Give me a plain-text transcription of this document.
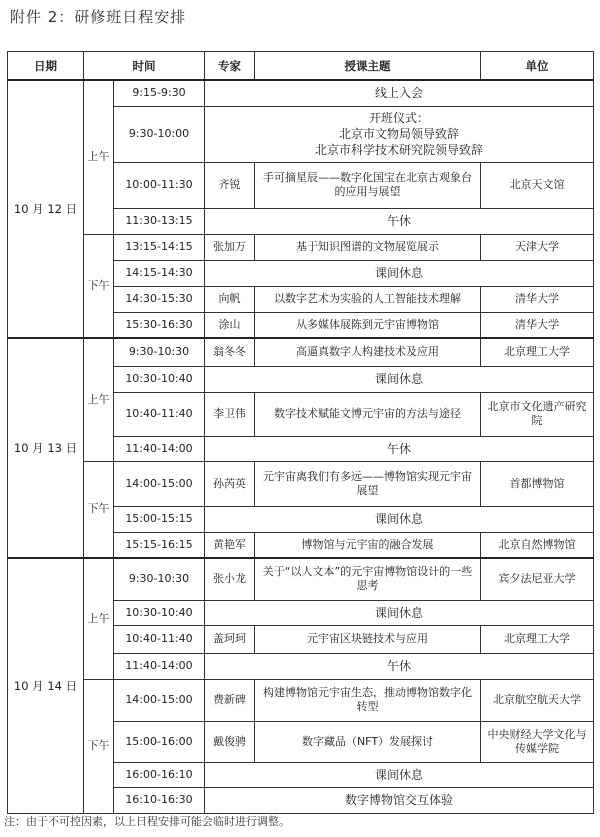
附件 2：研修班日程安排
日期	时间		专家	授课主题	单位
10 月 12 日	上午	9:15-9:30	线上入会		
		9:30-10:00	开班仪式：
北京市文物局领导致辞
北京市科学技术研究院领导致辞		

		10:00-11:30	齐锐	手可摘星辰——数字化国宝在北京古观象台的应用与展望	北京天文馆
		11:30-13:15	午休		
	下午	13:15-14:15	张加万	基于知识图谱的文物展览展示	天津大学
		14:15-14:30	课间休息		
		14:30-15:30	向帆	以数字艺术为实验的人工智能技术理解	清华大学
		15:30-16:30	涂山	从多媒体展陈到元宇宙博物馆	清华大学
10 月 13 日	上午	9:30-10:30	翁冬冬	高逼真数字人构建技术及应用	北京理工大学
		10:30-10:40	课间休息		
		10:40-11:40	李卫伟	数字技术赋能文博元宇宙的方法与途径	北京市文化遗产研究院
		11:40-14:00	午休		
	下午	14:00-15:00	孙芮英	元宇宙离我们有多远——博物馆实现元宇宙展望	首都博物馆
		15:00-15:15	课间休息		
		15:15-16:15	黄艳军	博物馆与元宇宙的融合发展	北京自然博物馆
10 月 14 日	上午	9:30-10:30	张小龙	关于“以人文本”的元宇宙博物馆设计的一些思考	宾夕法尼亚大学
		10:30-10:40	课间休息		
		10:40-11:40	盖珂珂	元宇宙区块链技术与应用	北京理工大学
		11:40-14:00	午休		
	下午	14:00-15:00	费新碑	构建博物馆元宇宙生态，推动博物馆数字化转型	北京航空航天大学
		15:00-16:00	戴俊骋	数字藏品（NFT）发展探讨	中央财经大学文化与传媒学院
		16:00-16:10	课间休息		
		16:10-16:30	数字博物馆交互体验		
注：由于不可控因素，以上日程安排可能会临时进行调整。
